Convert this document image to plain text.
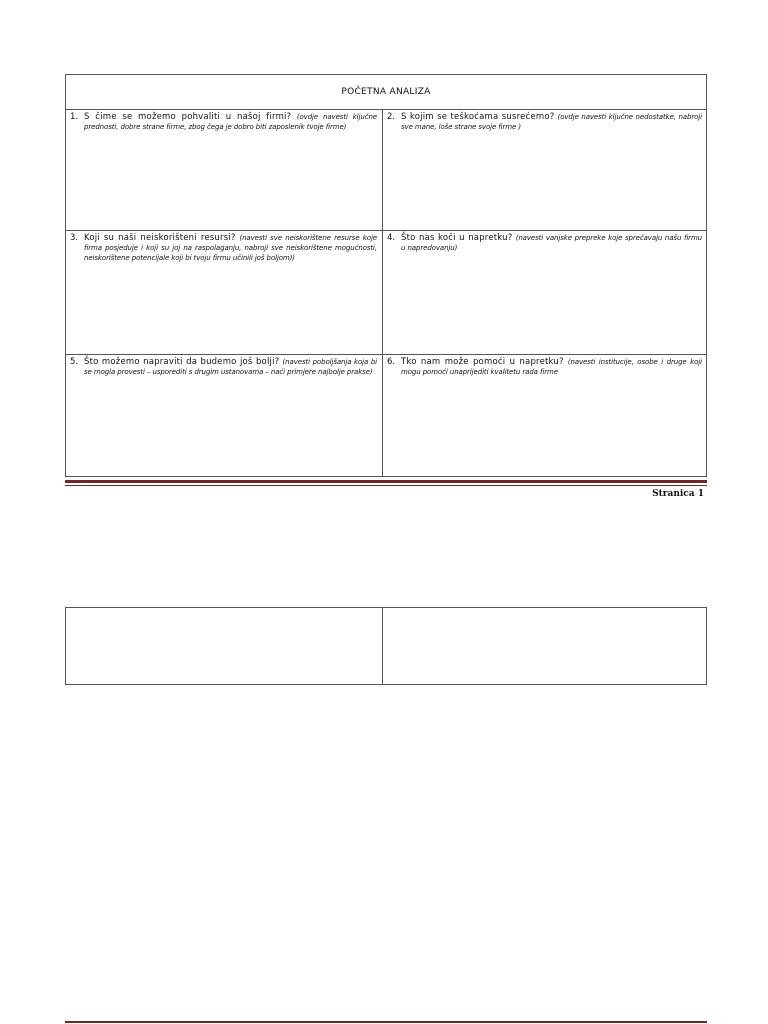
POČETNA ANALIZA
1. S čime se možemo pohvaliti u našoj firmi? (ovdje navesti ključne prednosti, dobre strane firme, zbog čega je dobro biti zaposlenik tvoje firme)
2. S kojim se teškoćama susrećemo? (ovdje navesti ključne nedostatke, nabroji sve mane, loše strane svoje firme )
3. Koji su naši neiskorišteni resursi? (navesti sve neiskorištene resurse koje firma posjeduje i koji su joj na raspolaganju, nabroji sve neiskorištene mogućnosti, neiskorištene potencijale koji bi tvoju firmu učinili još boljom))
4. Što nas koči u napretku? (navesti vanjske prepreke koje sprečavaju našu firmu u napredovanju)
5. Što možemo napraviti da budemo još bolji? (navesti poboljšanja koja bi se mogla provesti – usporediti s drugim ustanovama – naći primjere najbolje prakse)
6. Tko nam može pomoći u napretku? (navesti institucije, osobe i druge koji mogu pomoći unaprijediti kvalitetu rada firme
Stranica 1
